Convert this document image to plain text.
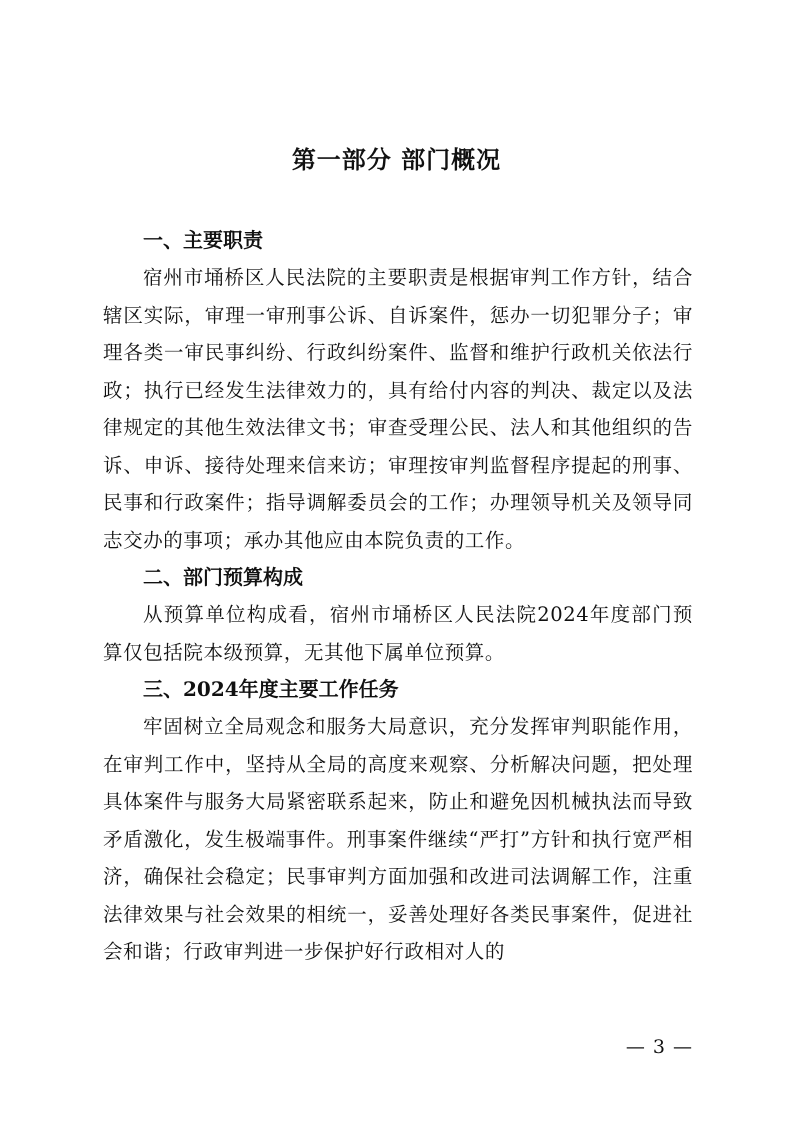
第一部分 部门概况

一、主要职责

宿州市埇桥区人民法院的主要职责是根据审判工作方针，结合辖区实际，审理一审刑事公诉、自诉案件，惩办一切犯罪分子；审理各类一审民事纠纷、行政纠纷案件、监督和维护行政机关依法行政；执行已经发生法律效力的，具有给付内容的判决、裁定以及法律规定的其他生效法律文书；审查受理公民、法人和其他组织的告诉、申诉、接待处理来信来访；审理按审判监督程序提起的刑事、民事和行政案件；指导调解委员会的工作；办理领导机关及领导同志交办的事项；承办其他应由本院负责的工作。

二、部门预算构成

从预算单位构成看，宿州市埇桥区人民法院2024年度部门预算仅包括院本级预算，无其他下属单位预算。

三、2024年度主要工作任务

牢固树立全局观念和服务大局意识，充分发挥审判职能作用，在审判工作中，坚持从全局的高度来观察、分析解决问题，把处理具体案件与服务大局紧密联系起来，防止和避免因机械执法而导致矛盾激化，发生极端事件。刑事案件继续“严打”方针和执行宽严相济，确保社会稳定；民事审判方面加强和改进司法调解工作，注重法律效果与社会效果的相统一，妥善处理好各类民事案件，促进社会和谐；行政审判进一步保护好行政相对人的

— 3 —
